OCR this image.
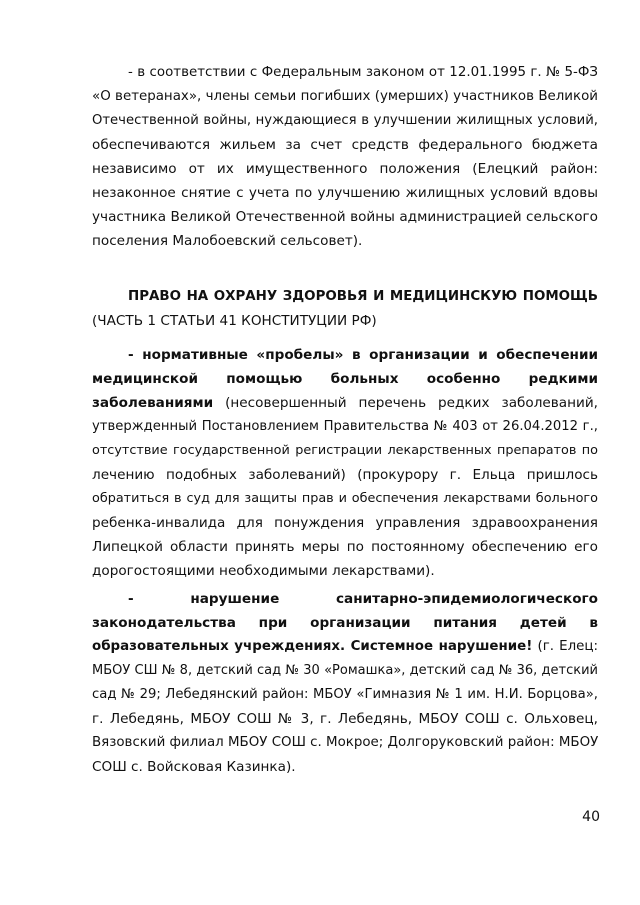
- в соответствии с Федеральным законом от 12.01.1995 г. № 5-ФЗ
«О ветеранах», члены семьи погибших (умерших) участников Великой
Отечественной войны, нуждающиеся в улучшении жилищных условий,
обеспечиваются жильем за счет средств федерального бюджета
независимо от их имущественного положения (Елецкий район:
незаконное снятие с учета по улучшению жилищных условий вдовы
участника Великой Отечественной войны администрацией сельского
поселения Малобоевский сельсовет).
ПРАВО НА ОХРАНУ ЗДОРОВЬЯ И МЕДИЦИНСКУЮ ПОМОЩЬ
(ЧАСТЬ 1 СТАТЬИ 41 КОНСТИТУЦИИ РФ)
- нормативные «пробелы» в организации и обеспечении
медицинской помощью больных особенно редкими
заболеваниями (несовершенный перечень редких заболеваний,
утвержденный Постановлением Правительства № 403 от 26.04.2012 г.,
отсутствие государственной регистрации лекарственных препаратов по
лечению подобных заболеваний) (прокурору г. Ельца пришлось
обратиться в суд для защиты прав и обеспечения лекарствами больного
ребенка-инвалида для понуждения управления здравоохранения
Липецкой области принять меры по постоянному обеспечению его
дорогостоящими необходимыми лекарствами).
- нарушение санитарно-эпидемиологического
законодательства при организации питания детей в
образовательных учреждениях. Системное нарушение! (г. Елец:
МБОУ СШ № 8, детский сад № 30 «Ромашка», детский сад № 36, детский
сад № 29; Лебедянский район: МБОУ «Гимназия № 1 им. Н.И. Борцова»,
г. Лебедянь, МБОУ СОШ № 3, г. Лебедянь, МБОУ СОШ с. Ольховец,
Вязовский филиал МБОУ СОШ с. Мокрое; Долгоруковский район: МБОУ
СОШ с. Войсковая Казинка).
40
